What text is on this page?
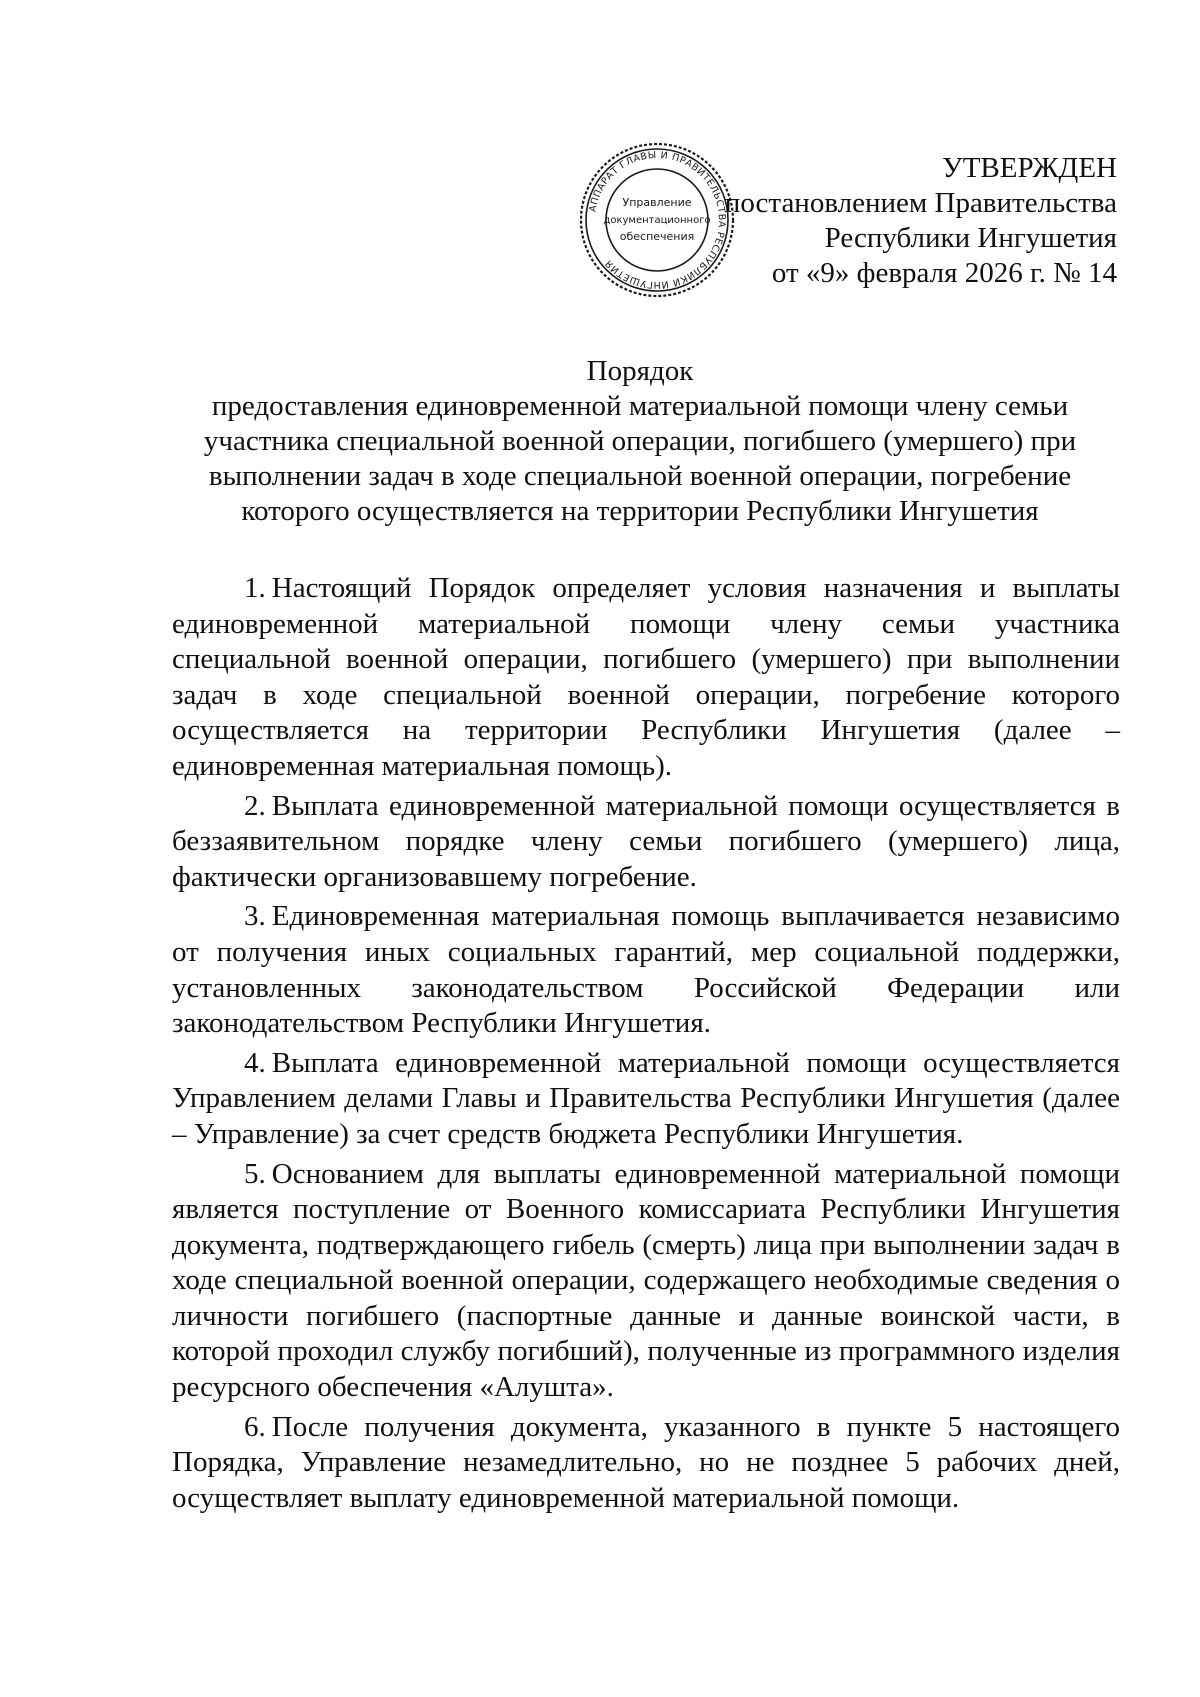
АППАРАТ ГЛАВЫ И ПРАВИТЕЛЬСТВА РЕСПУБЛИКИ ИНГУШЕТИЯ
Управление
документационного
обеспечения
УТВЕРЖДЕН
постановлением Правительства
Республики Ингушетия
от «9» февраля 2026 г. № 14
Порядок
предоставления единовременной материальной помощи члену семьи
участника специальной военной операции, погибшего (умершего) при
выполнении задач в ходе специальной военной операции, погребение
которого осуществляется на территории Республики Ингушетия

1. Настоящий Порядок определяет условия назначения и выплаты единовременной материальной помощи члену семьи участника специальной военной операции, погибшего (умершего) при выполнении задач в ходе специальной военной операции, погребение которого осуществляется на территории Республики Ингушетия (далее – единовременная материальная помощь).

2. Выплата единовременной материальной помощи осуществляется в беззаявительном порядке члену семьи погибшего (умершего) лица, фактически организовавшему погребение.

3. Единовременная материальная помощь выплачивается независимо от получения иных социальных гарантий, мер социальной поддержки, установленных законодательством Российской Федерации или законодательством Республики Ингушетия.

4. Выплата единовременной материальной помощи осуществляется Управлением делами Главы и Правительства Республики Ингушетия (далее – Управление) за счет средств бюджета Республики Ингушетия.

5. Основанием для выплаты единовременной материальной помощи является поступление от Военного комиссариата Республики Ингушетия документа, подтверждающего гибель (смерть) лица при выполнении задач в ходе специальной военной операции, содержащего необходимые сведения о личности погибшего (паспортные данные и данные воинской части, в которой проходил службу погибший), полученные из программного изделия ресурсного обеспечения «Алушта».

6. После получения документа, указанного в пункте 5 настоящего Порядка, Управление незамедлительно, но не позднее 5 рабочих дней, осуществляет выплату единовременной материальной помощи.
